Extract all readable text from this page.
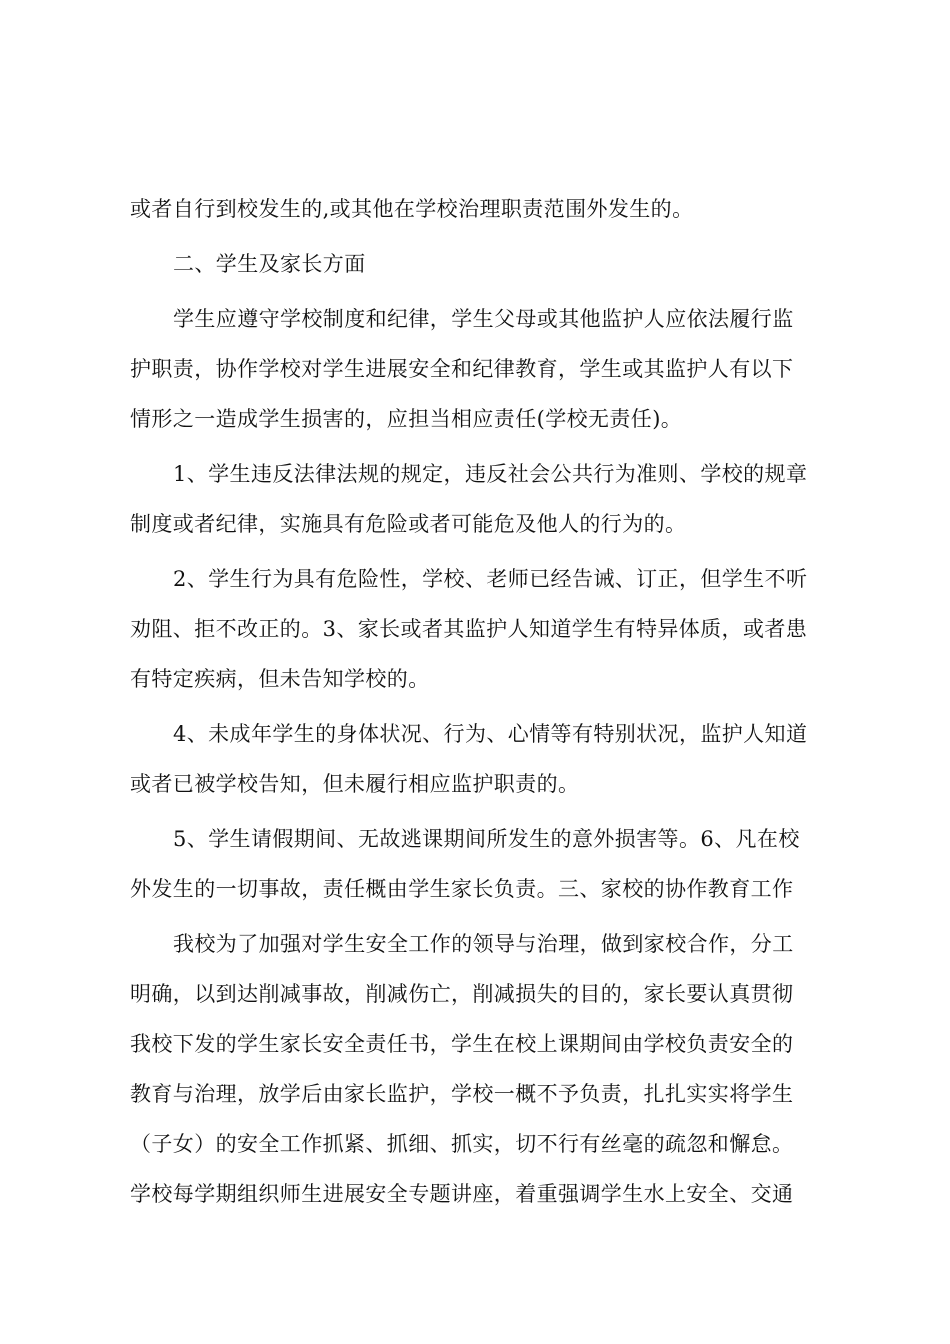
或者自行到校发生的,或其他在学校治理职责范围外发生的。
二、学生及家长方面
学生应遵守学校制度和纪律，学生父母或其他监护人应依法履行监
护职责，协作学校对学生进展安全和纪律教育，学生或其监护人有以下
情形之一造成学生损害的，应担当相应责任(学校无责任)。
1、学生违反法律法规的规定，违反社会公共行为准则、学校的规章
制度或者纪律，实施具有危险或者可能危及他人的行为的。
2、学生行为具有危险性，学校、老师已经告诫、订正，但学生不听
劝阻、拒不改正的。3、家长或者其监护人知道学生有特异体质，或者患
有特定疾病，但未告知学校的。
4、未成年学生的身体状况、行为、心情等有特别状况，监护人知道
或者已被学校告知，但未履行相应监护职责的。
5、学生请假期间、无故逃课期间所发生的意外损害等。6、凡在校
外发生的一切事故，责任概由学生家长负责。三、家校的协作教育工作
我校为了加强对学生安全工作的领导与治理，做到家校合作，分工
明确，以到达削减事故，削减伤亡，削减损失的目的，家长要认真贯彻
我校下发的学生家长安全责任书，学生在校上课期间由学校负责安全的
教育与治理，放学后由家长监护，学校一概不予负责，扎扎实实将学生
（子女）的安全工作抓紧、抓细、抓实，切不行有丝毫的疏忽和懈怠。
学校每学期组织师生进展安全专题讲座，着重强调学生水上安全、交通
